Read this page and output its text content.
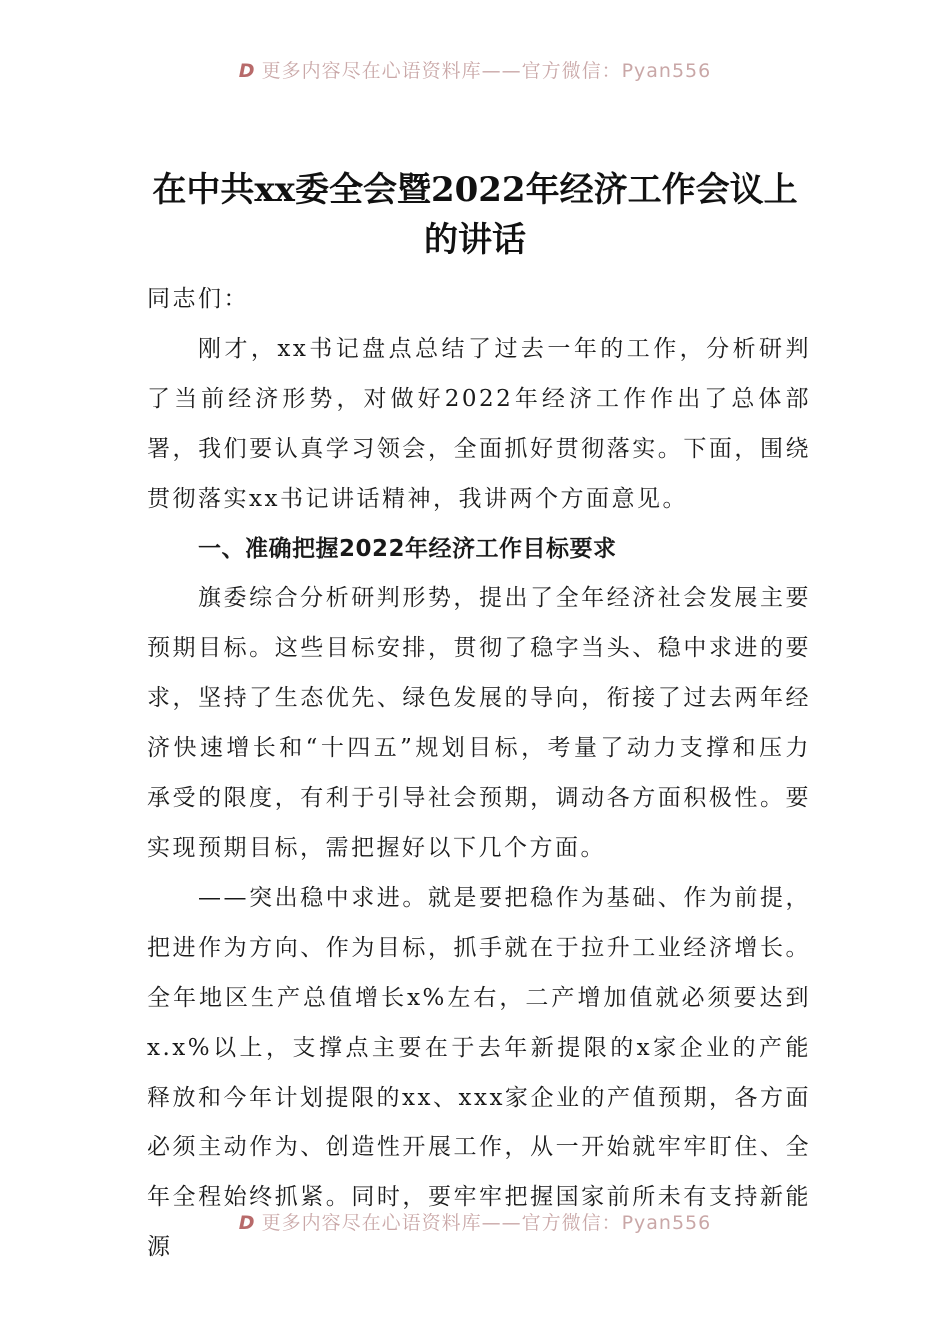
D 更多内容尽在心语资料库——官方微信：Pyan556
在中共xx委全会暨2022年经济工作会议上
的讲话

同志们：

刚才，xx书记盘点总结了过去一年的工作，分析研判了当前经济形势，对做好2022年经济工作作出了总体部署，我们要认真学习领会，全面抓好贯彻落实。下面，围绕贯彻落实xx书记讲话精神，我讲两个方面意见。

一、准确把握2022年经济工作目标要求

旗委综合分析研判形势，提出了全年经济社会发展主要预期目标。这些目标安排，贯彻了稳字当头、稳中求进的要求，坚持了生态优先、绿色发展的导向，衔接了过去两年经济快速增长和“十四五”规划目标，考量了动力支撑和压力承受的限度，有利于引导社会预期，调动各方面积极性。要实现预期目标，需把握好以下几个方面。

——突出稳中求进。就是要把稳作为基础、作为前提，把进作为方向、作为目标，抓手就在于拉升工业经济增长。全年地区生产总值增长x%左右，二产增加值就必须要达到x.x%以上，支撑点主要在于去年新提限的x家企业的产能释放和今年计划提限的xx、xxx家企业的产值预期，各方面必须主动作为、创造性开展工作，从一开始就牢牢盯住、全年全程始终抓紧。同时，要牢牢把握国家前所未有支持新能源

D 更多内容尽在心语资料库——官方微信：Pyan556
